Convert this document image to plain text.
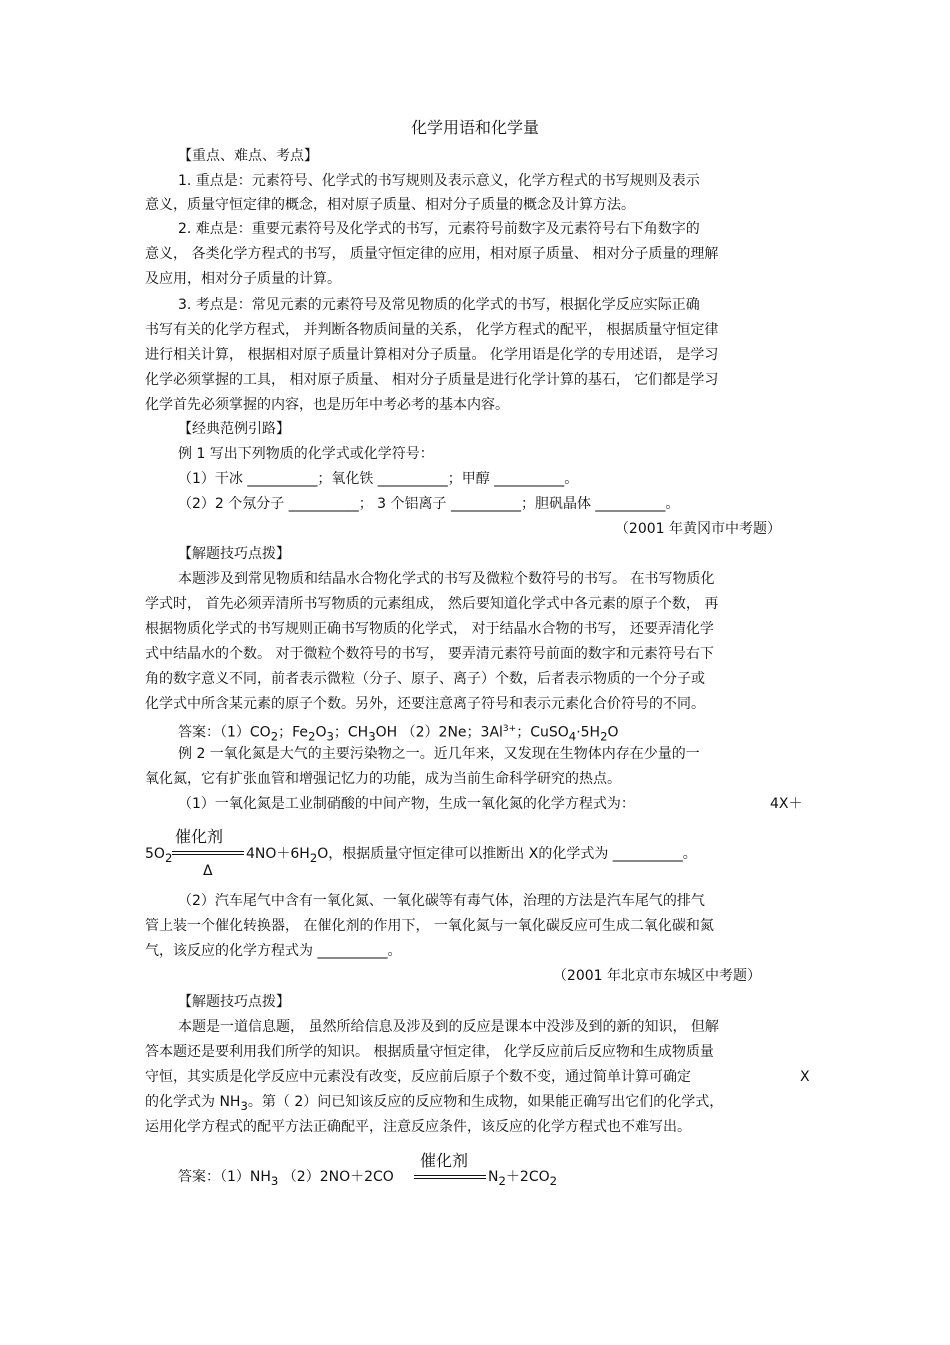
化学用语和化学量
【重点、难点、考点】
1. 重点是：元素符号、化学式的书写规则及表示意义，化学方程式的书写规则及表示
意义，质量守恒定律的概念，相对原子质量、相对分子质量的概念及计算方法。
2. 难点是：重要元素符号及化学式的书写，元素符号前数字及元素符号右下角数字的
意义， 各类化学方程式的书写， 质量守恒定律的应用，相对原子质量、 相对分子质量的理解
及应用，相对分子质量的计算。
3. 考点是：常见元素的元素符号及常见物质的化学式的书写，根据化学反应实际正确
书写有关的化学方程式， 并判断各物质间量的关系， 化学方程式的配平， 根据质量守恒定律
进行相关计算， 根据相对原子质量计算相对分子质量。 化学用语是化学的专用述语， 是学习
化学必须掌握的工具， 相对原子质量、 相对分子质量是进行化学计算的基石， 它们都是学习
化学首先必须掌握的内容，也是历年中考必考的基本内容。
【经典范例引路】
例 1 写出下列物质的化学式或化学符号：
（1）干冰 __________；氧化铁 __________；甲醇 __________。
（2）2 个氖分子 __________； 3 个铝离子 __________；胆矾晶体 __________。
（2001 年黄冈市中考题）
【解题技巧点拨】
本题涉及到常见物质和结晶水合物化学式的书写及微粒个数符号的书写。 在书写物质化
学式时， 首先必须弄清所书写物质的元素组成， 然后要知道化学式中各元素的原子个数， 再
根据物质化学式的书写规则正确书写物质的化学式， 对于结晶水合物的书写， 还要弄清化学
式中结晶水的个数。 对于微粒个数符号的书写， 要弄清元素符号前面的数字和元素符号右下
角的数字意义不同，前者表示微粒（分子、原子、离子）个数，后者表示物质的一个分子或
化学式中所含某元素的原子个数。另外，还要注意离子符号和表示元素化合价符号的不同。
答案：$(1)CO_2$；$Fe_2O_3$；$CH_3OH$ （2）2Ne；$3Al^{3+}$；$CuSO_4\cdot 5H_2O$
例 2 一氧化氮是大气的主要污染物之一。近几年来，又发现在生物体内存在少量的一
氧化氮，它有扩张血管和增强记忆力的功能，成为当前生命科学研究的热点。
（1）一氧化氮是工业制硝酸的中间产物，生成一氧化氮的化学方程式为：	4X＋
催化剂
$5O_2$
Δ
$4NO+6H_2O$，根据质量守恒定律可以推断出 X的化学式为 __________。
（2）汽车尾气中含有一氧化氮、一氧化碳等有毒气体，治理的方法是汽车尾气的排气
管上装一个催化转换器， 在催化剂的作用下， 一氧化氮与一氧化碳反应可生成二氧化碳和氮
气，该反应的化学方程式为 __________。
（2001 年北京市东城区中考题）
【解题技巧点拨】
本题是一道信息题， 虽然所给信息及涉及到的反应是课本中没涉及到的新的知识， 但解
答本题还是要利用我们所学的知识。 根据质量守恒定律， 化学反应前后反应物和生成物质量
守恒，其实质是化学反应中元素没有改变，反应前后原子个数不变，通过简单计算可确定	X
的化学式为 $NH_3$。第（ 2）问已知该反应的反应物和生成物，如果能正确写出它们的化学式，
运用化学方程式的配平方法正确配平，注意反应条件，该反应的化学方程式也不难写出。
催化剂
答案：$(1)NH_3$ （2）2NO＋2CO	$N_2+2CO_2$
